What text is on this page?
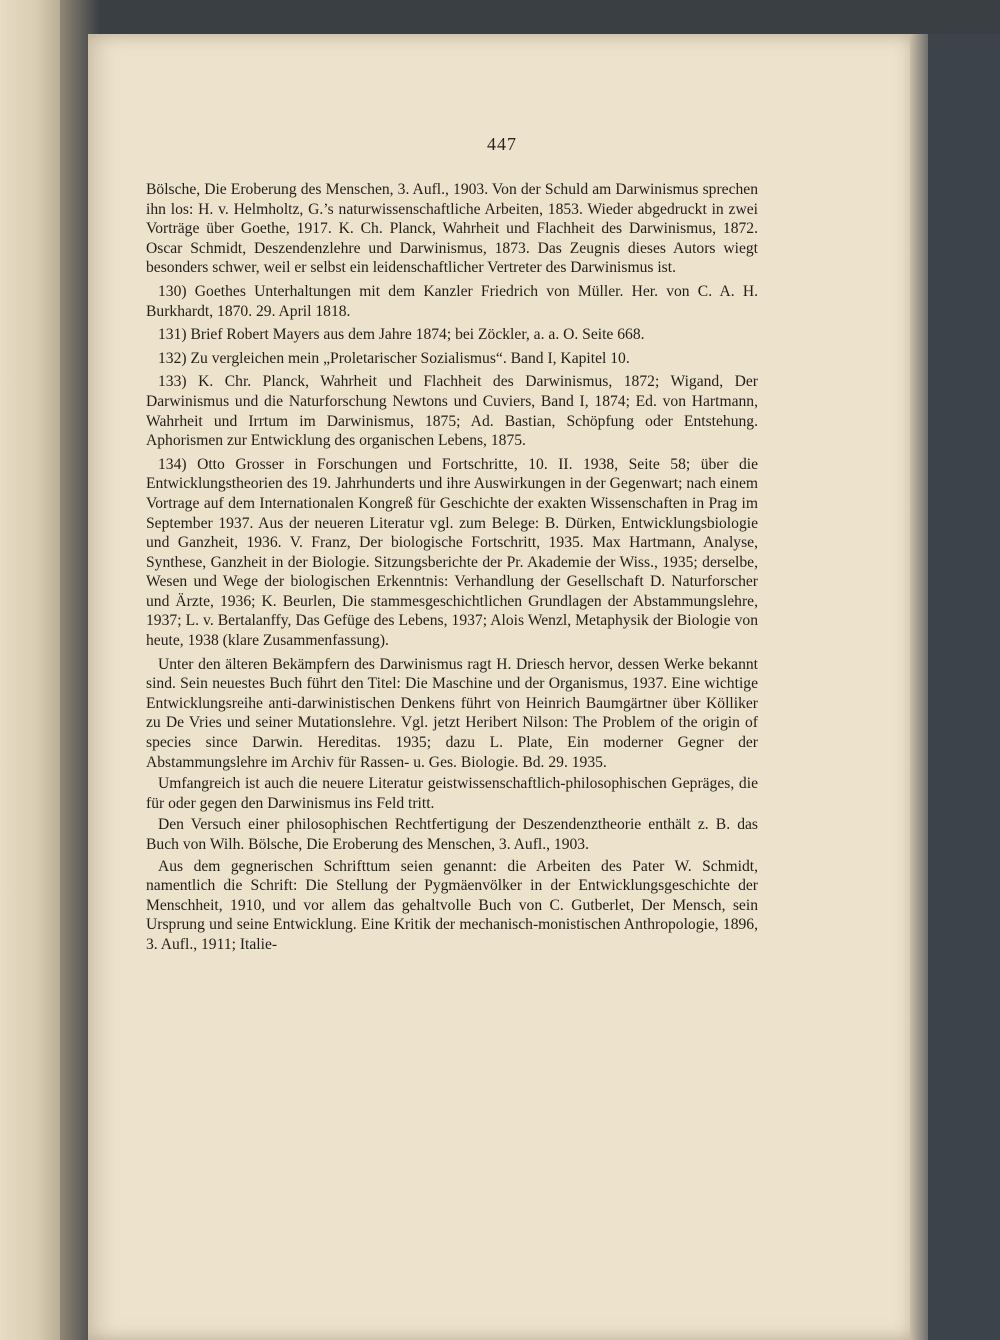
447

Bölsche, Die Eroberung des Menschen, 3. Aufl., 1903. Von der Schuld am Darwinismus sprechen ihn los: H. v. Helmholtz, G.’s naturwissenschaftliche Arbeiten, 1853. Wieder abgedruckt in zwei Vorträge über Goethe, 1917. K. Ch. Planck, Wahrheit und Flachheit des Darwinismus, 1872. Oscar Schmidt, Deszendenzlehre und Darwinismus, 1873. Das Zeugnis dieses Autors wiegt besonders schwer, weil er selbst ein leidenschaftlicher Vertreter des Darwinismus ist.

130) Goethes Unterhaltungen mit dem Kanzler Friedrich von Müller. Her. von C. A. H. Burkhardt, 1870. 29. April 1818.

131) Brief Robert Mayers aus dem Jahre 1874; bei Zöckler, a. a. O. Seite 668.

132) Zu vergleichen mein „Proletarischer Sozialismus“. Band I, Kapitel 10.

133) K. Chr. Planck, Wahrheit und Flachheit des Darwinismus, 1872; Wigand, Der Darwinismus und die Naturforschung Newtons und Cuviers, Band I, 1874; Ed. von Hartmann, Wahrheit und Irrtum im Darwinismus, 1875; Ad. Bastian, Schöpfung oder Entstehung. Aphorismen zur Entwicklung des organischen Lebens, 1875.

134) Otto Grosser in Forschungen und Fortschritte, 10. II. 1938, Seite 58; über die Entwicklungstheorien des 19. Jahrhunderts und ihre Auswirkungen in der Gegenwart; nach einem Vortrage auf dem Internationalen Kongreß für Geschichte der exakten Wissenschaften in Prag im September 1937. Aus der neueren Literatur vgl. zum Belege: B. Dürken, Entwicklungsbiologie und Ganzheit, 1936. V. Franz, Der biologische Fortschritt, 1935. Max Hartmann, Analyse, Synthese, Ganzheit in der Biologie. Sitzungsberichte der Pr. Akademie der Wiss., 1935; derselbe, Wesen und Wege der biologischen Erkenntnis: Verhandlung der Gesellschaft D. Naturforscher und Ärzte, 1936; K. Beurlen, Die stammesgeschichtlichen Grundlagen der Abstammungslehre, 1937; L. v. Bertalanffy, Das Gefüge des Lebens, 1937; Alois Wenzl, Metaphysik der Biologie von heute, 1938 (klare Zusammenfassung).

Unter den älteren Bekämpfern des Darwinismus ragt H. Driesch hervor, dessen Werke bekannt sind. Sein neuestes Buch führt den Titel: Die Maschine und der Organismus, 1937. Eine wichtige Entwicklungsreihe anti-darwinistischen Denkens führt von Heinrich Baumgärtner über Kölliker zu De Vries und seiner Mutationslehre. Vgl. jetzt Heribert Nilson: The Problem of the origin of species since Darwin. Hereditas. 1935; dazu L. Plate, Ein moderner Gegner der Abstammungslehre im Archiv für Rassen- u. Ges. Biologie. Bd. 29. 1935.

Umfangreich ist auch die neuere Literatur geistwissenschaftlich-philosophischen Gepräges, die für oder gegen den Darwinismus ins Feld tritt.

Den Versuch einer philosophischen Rechtfertigung der Deszendenztheorie enthält z. B. das Buch von Wilh. Bölsche, Die Eroberung des Menschen, 3. Aufl., 1903.

Aus dem gegnerischen Schrifttum seien genannt: die Arbeiten des Pater W. Schmidt, namentlich die Schrift: Die Stellung der Pygmäenvölker in der Entwicklungsgeschichte der Menschheit, 1910, und vor allem das gehaltvolle Buch von C. Gutberlet, Der Mensch, sein Ursprung und seine Entwicklung. Eine Kritik der mechanisch-monistischen Anthropologie, 1896, 3. Aufl., 1911; Italie-
